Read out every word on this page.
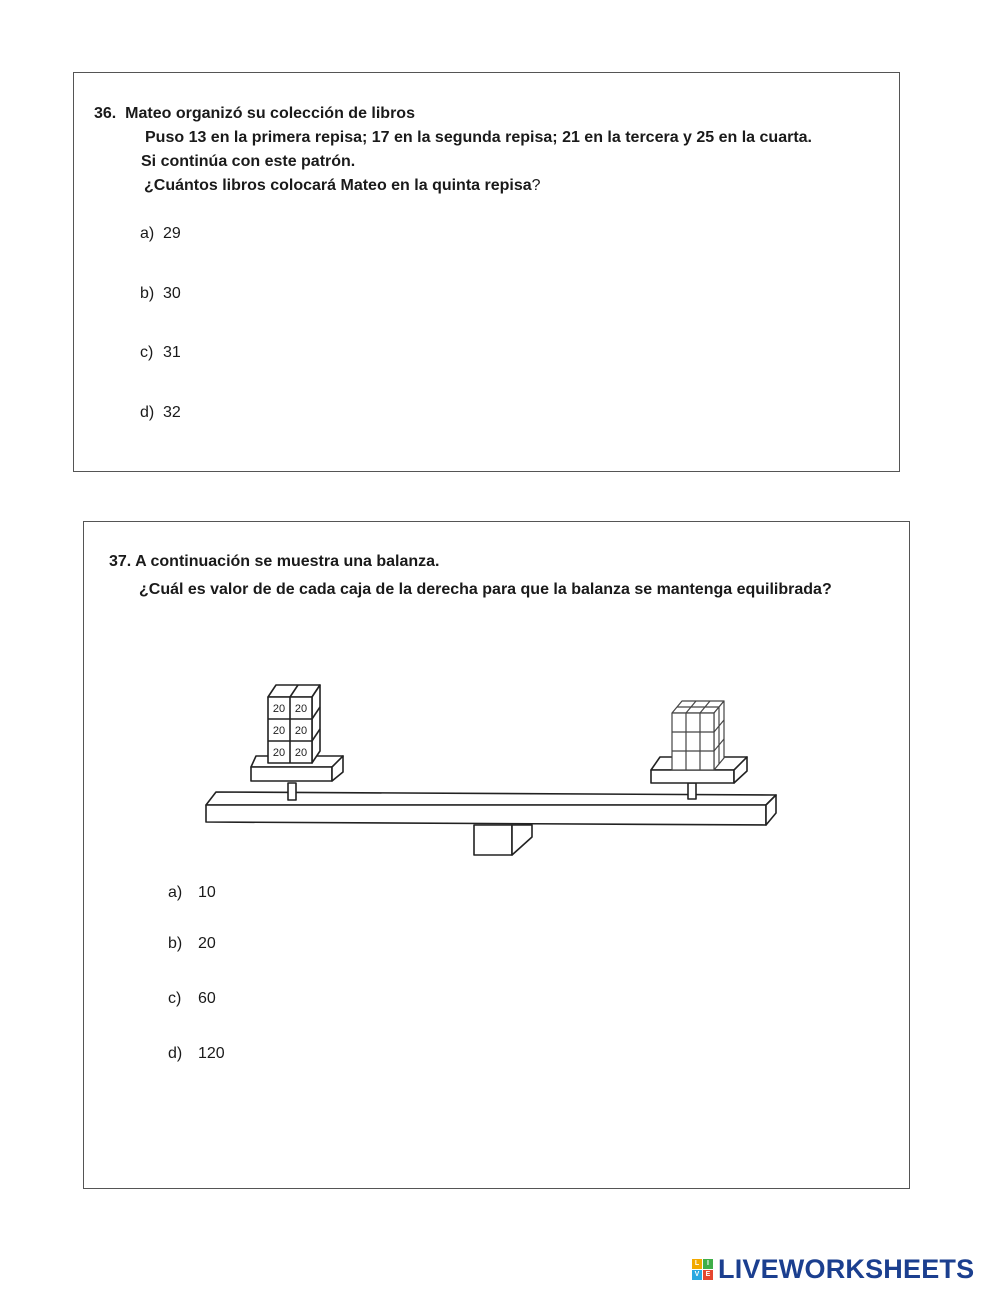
36. Mateo organizó su colección de libros
Puso 13 en la primera repisa; 17 en la segunda repisa; 21 en la tercera y 25 en la cuarta.
Si continúa con este patrón.
¿Cuántos libros colocará Mateo en la quinta repisa?
a) 29
b) 30
c) 31
d) 32
37. A continuación se muestra una balanza.
¿Cuál es valor de de cada caja de la derecha para que la balanza se mantenga equilibrada?
20 20
20 20
20 20
a) 10
b) 20
c) 60
d) 120
L	I
V E LIVEWORKSHEETS
